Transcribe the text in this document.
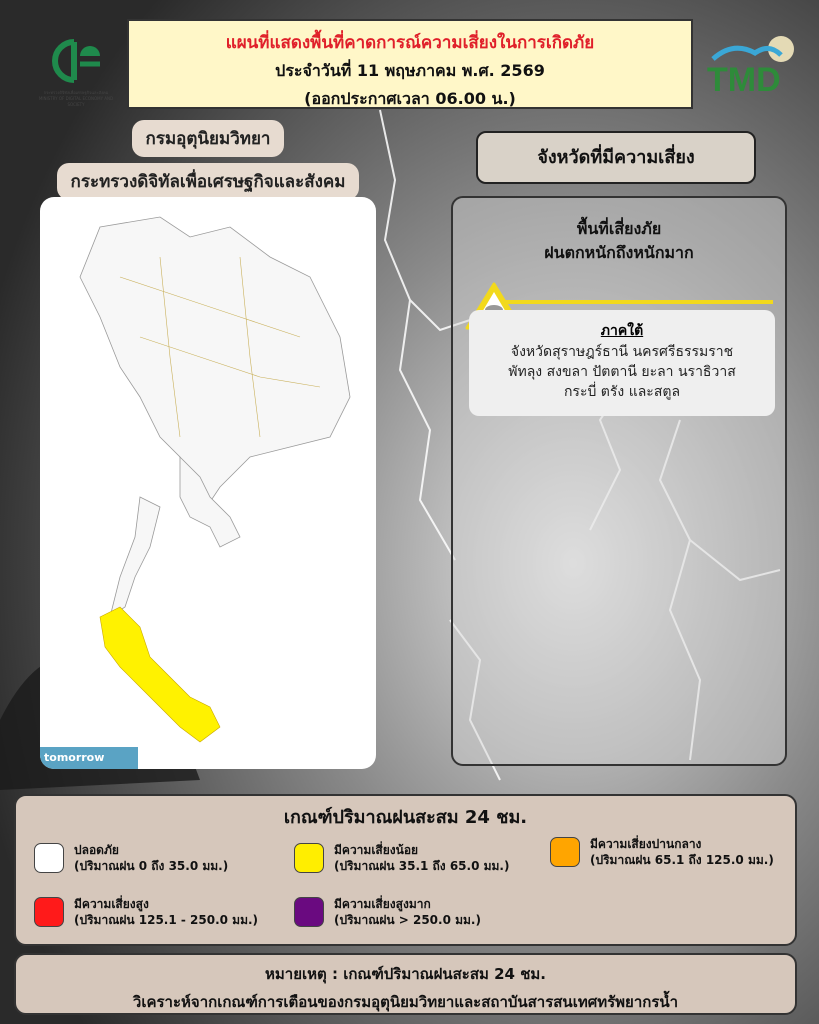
กระทรวงดิจิทัลเพื่อเศรษฐกิจและสังคม
MINISTRY OF DIGITAL ECONOMY AND SOCIETY
แผนที่แสดงพื้นที่คาดการณ์ความเสี่ยงในการเกิดภัย
ประจำวันที่ 11 พฤษภาคม พ.ศ. 2569
(ออกประกาศเวลา 06.00 น.)	TMD
กรมอุตุนิยมวิทยา
กระทรวงดิจิทัลเพื่อเศรษฐกิจและสังคม
จังหวัดที่มีความเสี่ยง
tomorrow
พื้นที่เสี่ยงภัย
ฝนตกหนักถึงหนักมาก
ภาคใต้
จังหวัดสุราษฎร์ธานี นครศรีธรรมราช
พัทลุง สงขลา ปัตตานี ยะลา นราธิวาส
กระบี่ ตรัง และสตูล
เกณฑ์ปริมาณฝนสะสม 24 ชม.
ปลอดภัย
(ปริมาณฝน 0 ถึง 35.0 มม.)
มีความเสี่ยงน้อย
(ปริมาณฝน 35.1 ถึง 65.0 มม.)
มีความเสี่ยงปานกลาง
(ปริมาณฝน 65.1 ถึง 125.0 มม.)
มีความเสี่ยงสูง
(ปริมาณฝน 125.1 - 250.0 มม.)
มีความเสี่ยงสูงมาก
(ปริมาณฝน > 250.0 มม.)
หมายเหตุ : เกณฑ์ปริมาณฝนสะสม 24 ชม.
วิเคราะห์จากเกณฑ์การเตือนของกรมอุตุนิยมวิทยาและสถาบันสารสนเทศทรัพยากรน้ำ
